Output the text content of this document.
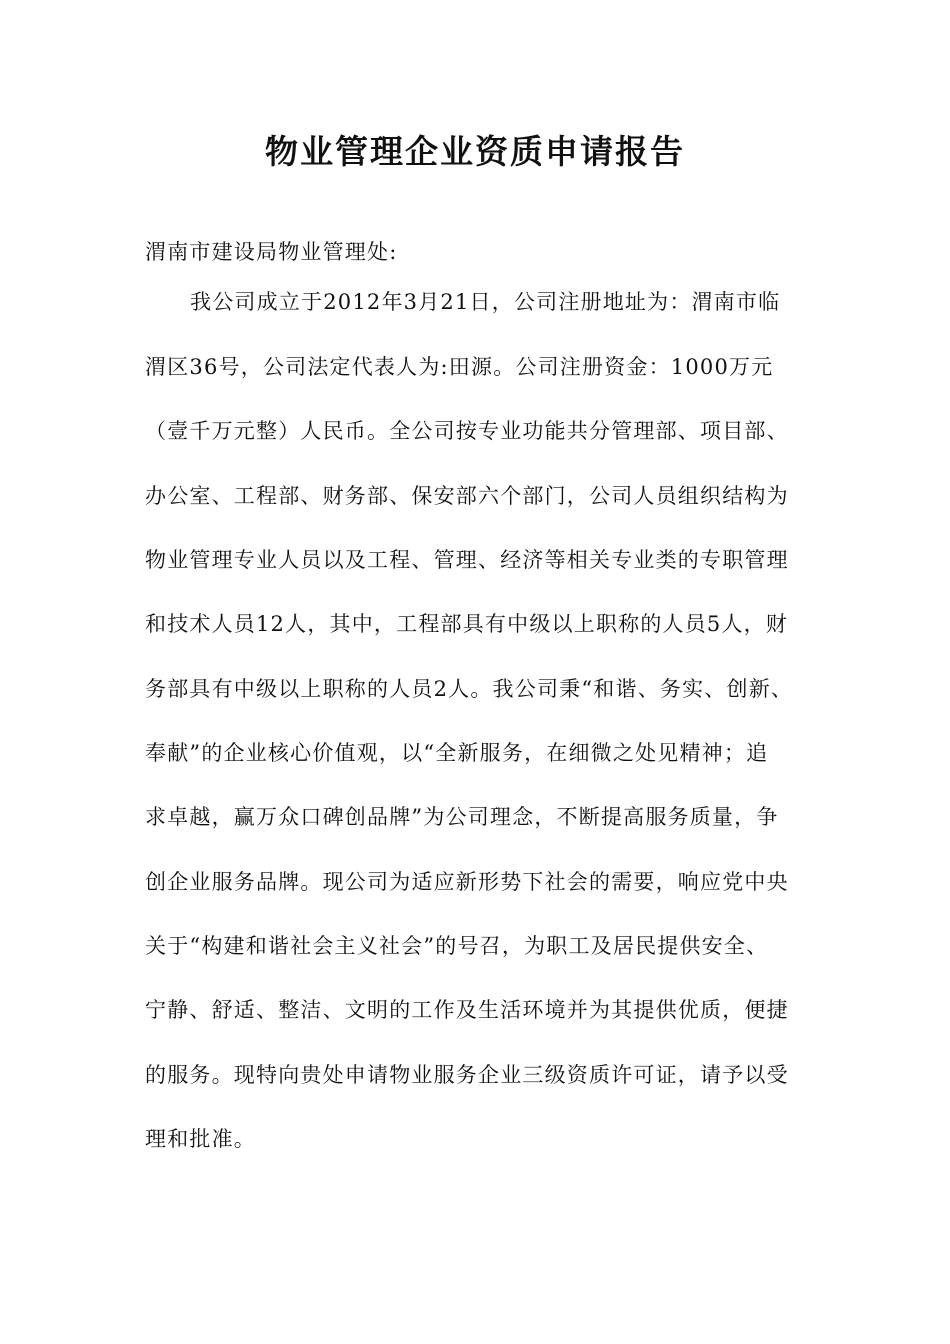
物业管理企业资质申请报告
渭南市建设局物业管理处:
我公司成立于2012年3月21日，公司注册地址为：渭南市临
渭区36号，公司法定代表人为:田源。公司注册资金：1000万元
（壹千万元整）人民币。全公司按专业功能共分管理部、项目部、
办公室、工程部、财务部、保安部六个部门，公司人员组织结构为
物业管理专业人员以及工程、管理、经济等相关专业类的专职管理
和技术人员12人，其中，工程部具有中级以上职称的人员5人，财
务部具有中级以上职称的人员2人。我公司秉“和谐、务实、创新、
奉献”的企业核心价值观，以“全新服务，在细微之处见精神；追
求卓越，赢万众口碑创品牌”为公司理念，不断提高服务质量，争
创企业服务品牌。现公司为适应新形势下社会的需要，响应党中央
关于“构建和谐社会主义社会”的号召，为职工及居民提供安全、
宁静、舒适、整洁、文明的工作及生活环境并为其提供优质，便捷
的服务。现特向贵处申请物业服务企业三级资质许可证，请予以受
理和批准。
